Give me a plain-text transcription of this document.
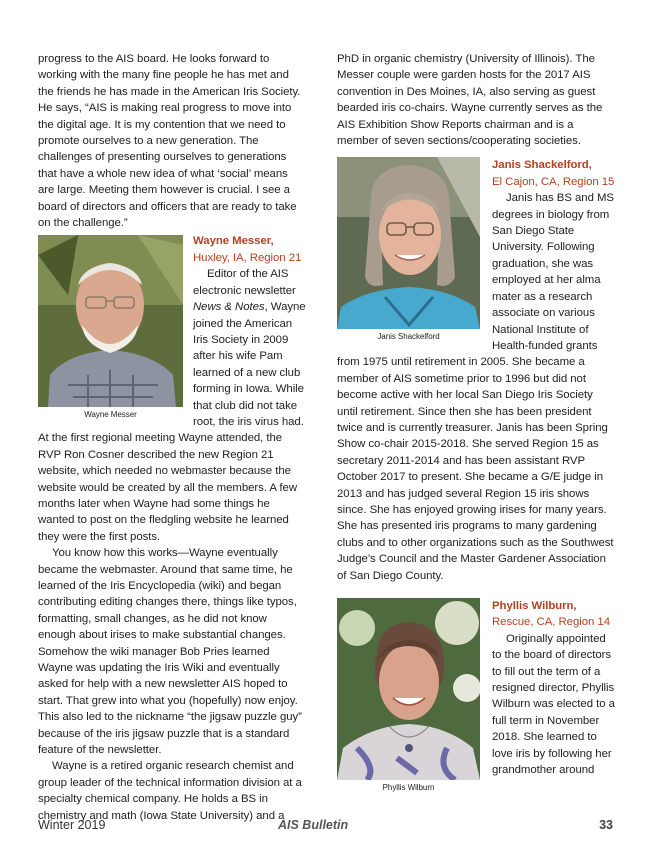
progress to the AIS board. He looks forward to working with the many fine people he has met and the friends he has made in the American Iris Society. He says, “AIS is making real progress to move into the digital age. It is my contention that we need to promote ourselves to a new generation. The challenges of presenting ourselves to generations that have a whole new idea of what ‘social’ means are large. Meeting them however is crucial. I see a board of directors and officers that are ready to take on the challenge.”

Wayne Messer

Wayne Messer,
Huxley, IA, Region 21

Editor of the AIS electronic newsletter News & Notes, Wayne joined the American Iris Society in 2009 after his wife Pam learned of a new club forming in Iowa. While that club did not take root, the iris virus had. At the first regional meeting Wayne attended, the RVP Ron Cosner described the new Region 21 website, which needed no webmaster because the website would be created by all the members. A few months later when Wayne had some things he wanted to post on the fledgling website he learned they were the first posts.

You know how this works—Wayne eventually became the webmaster. Around that same time, he learned of the Iris Encyclopedia (wiki) and began contributing editing changes there, things like typos, formatting, small changes, as he did not know enough about irises to make substantial changes. Somehow the wiki manager Bob Pries learned Wayne was updating the Iris Wiki and eventually asked for help with a new newsletter AIS hoped to start. That grew into what you (hopefully) now enjoy. This also led to the nickname “the jigsaw puzzle guy” because of the iris jigsaw puzzle that is a standard feature of the newsletter.

Wayne is a retired organic research chemist and group leader of the technical information division at a specialty chemical company. He holds a BS in chemistry and math (Iowa State University) and a

PhD in organic chemistry (University of Illinois). The Messer couple were garden hosts for the 2017 AIS convention in Des Moines, IA, also serving as guest bearded iris co-chairs. Wayne currently serves as the AIS Exhibition Show Reports chairman and is a member of seven sections/cooperating societies.

Janis Shackelford

Janis Shackelford,
El Cajon, CA, Region 15

Janis has BS and MS degrees in biology from San Diego State University. Following graduation, she was employed at her alma mater as a research associate on various National Institute of Health-funded grants from 1975 until retirement in 2005. She became a member of AIS sometime prior to 1996 but did not become active with her local San Diego Iris Society until retirement. Since then she has been president twice and is currently treasurer. Janis has been Spring Show co-chair 2015-2018. She served Region 15 as secretary 2011-2014 and has been assistant RVP October 2017 to present. She became a G/E judge in 2013 and has judged several Region 15 iris shows since. She has enjoyed growing irises for many years. She has presented iris programs to many gardening clubs and to other organizations such as the Southwest Judge’s Council and the Master Gardener Association of San Diego County.

Phyllis Wilburn

Phyllis Wilburn,
Rescue, CA, Region 14

Originally appointed to the board of directors to fill out the term of a resigned director, Phyllis Wilburn was elected to a full term in November 2018. She learned to love iris by following her grandmother around

Winter 2019	AIS Bulletin	33
